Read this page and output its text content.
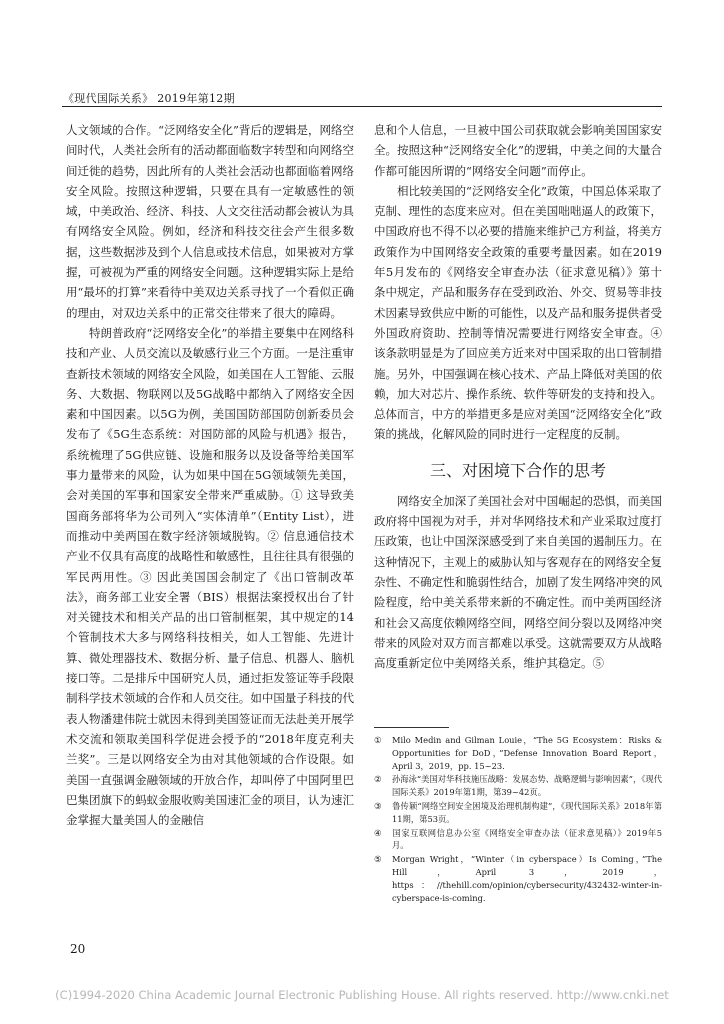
《现代国际关系》 2019年第12期

人文领域的合作。“泛网络安全化”背后的逻辑是，网络空间时代，人类社会所有的活动都面临数字转型和向网络空间迁徙的趋势，因此所有的人类社会活动也都面临着网络安全风险。按照这种逻辑，只要在具有一定敏感性的领域，中美政治、经济、科技、人文交往活动都会被认为具有网络安全风险。例如，经济和科技交往会产生很多数据，这些数据涉及到个人信息或技术信息，如果被对方掌握，可被视为严重的网络安全问题。这种逻辑实际上是给用“最坏的打算”来看待中美双边关系寻找了一个看似正确的理由，对双边关系中的正常交往带来了很大的障碍。

特朗普政府“泛网络安全化”的举措主要集中在网络科技和产业、人员交流以及敏感行业三个方面。一是注重审查新技术领域的网络安全风险，如美国在人工智能、云服务、大数据、物联网以及5G战略中都纳入了网络安全因素和中国因素。以5G为例，美国国防部国防创新委员会发布了《5G生态系统：对国防部的风险与机遇》报告，系统梳理了5G供应链、设施和服务以及设备等给美国军事力量带来的风险，认为如果中国在5G领域领先美国，会对美国的军事和国家安全带来严重威胁。① 这导致美国商务部将华为公司列入“实体清单”（Entity List），进而推动中美两国在数字经济领域脱钩。② 信息通信技术产业不仅具有高度的战略性和敏感性，且往往具有很强的军民两用性。③ 因此美国国会制定了《出口管制改革法》，商务部工业安全署（BIS）根据法案授权出台了针对关键技术和相关产品的出口管制框架，其中规定的14个管制技术大多与网络科技相关，如人工智能、先进计算、微处理器技术、数据分析、量子信息、机器人、脑机接口等。二是排斥中国研究人员，通过拒发签证等手段限制科学技术领域的合作和人员交往。如中国量子科技的代表人物潘建伟院士就因未得到美国签证而无法赴美开展学术交流和领取美国科学促进会授予的“2018年度克利夫兰奖”。三是以网络安全为由对其他领域的合作设限。如美国一直强调金融领域的开放合作，却叫停了中国阿里巴巴集团旗下的蚂蚁金服收购美国速汇金的项目，认为速汇金掌握大量美国人的金融信

息和个人信息，一旦被中国公司获取就会影响美国国家安全。按照这种“泛网络安全化”的逻辑，中美之间的大量合作都可能因所谓的“网络安全问题”而停止。

相比较美国的“泛网络安全化”政策，中国总体采取了克制、理性的态度来应对。但在美国咄咄逼人的政策下，中国政府也不得不以必要的措施来维护己方利益，将美方政策作为中国网络安全政策的重要考量因素。如在2019年5月发布的《网络安全审查办法（征求意见稿）》第十条中规定，产品和服务存在受到政治、外交、贸易等非技术因素导致供应中断的可能性，以及产品和服务提供者受外国政府资助、控制等情况需要进行网络安全审查。④ 该条款明显是为了回应美方近来对中国采取的出口管制措施。另外，中国强调在核心技术、产品上降低对美国的依赖，加大对芯片、操作系统、软件等研发的支持和投入。总体而言，中方的举措更多是应对美国“泛网络安全化”政策的挑战，化解风险的同时进行一定程度的反制。

三、对困境下合作的思考

网络安全加深了美国社会对中国崛起的恐惧，而美国政府将中国视为对手，并对华网络技术和产业采取过度打压政策，也让中国深深感受到了来自美国的遏制压力。在这种情况下，主观上的威胁认知与客观存在的网络安全复杂性、不确定性和脆弱性结合，加剧了发生网络冲突的风险程度，给中美关系带来新的不确定性。而中美两国经济和社会又高度依赖网络空间，网络空间分裂以及网络冲突带来的风险对双方而言都难以承受。这就需要双方从战略高度重新定位中美网络关系，维护其稳定。⑤

① Milo Medin and Gilman Louie，“The 5G Ecosystem：Risks & Opportunities for DoD，”Defense Innovation Board Report，April 3，2019，pp. 15~23.
② 孙海泳“美国对华科技施压战略：发展态势、战略逻辑与影响因素”，《现代国际关系》2019年第1期，第39~42页。
③ 鲁传颖“网络空间安全困境及治理机制构建”，《现代国际关系》2018年第11期，第53页。
④ 国家互联网信息办公室《网络安全审查办法（征求意见稿）》2019年5月。
⑤ Morgan Wright，“Winter（in cyberspace）Is Coming，”The Hill，April 3，2019，https：//thehill.com/opinion/cybersecurity/432432-winter-in-cyberspace-is-coming.
20
(C)1994-2020 China Academic Journal Electronic Publishing House. All rights reserved. http://www.cnki.net
